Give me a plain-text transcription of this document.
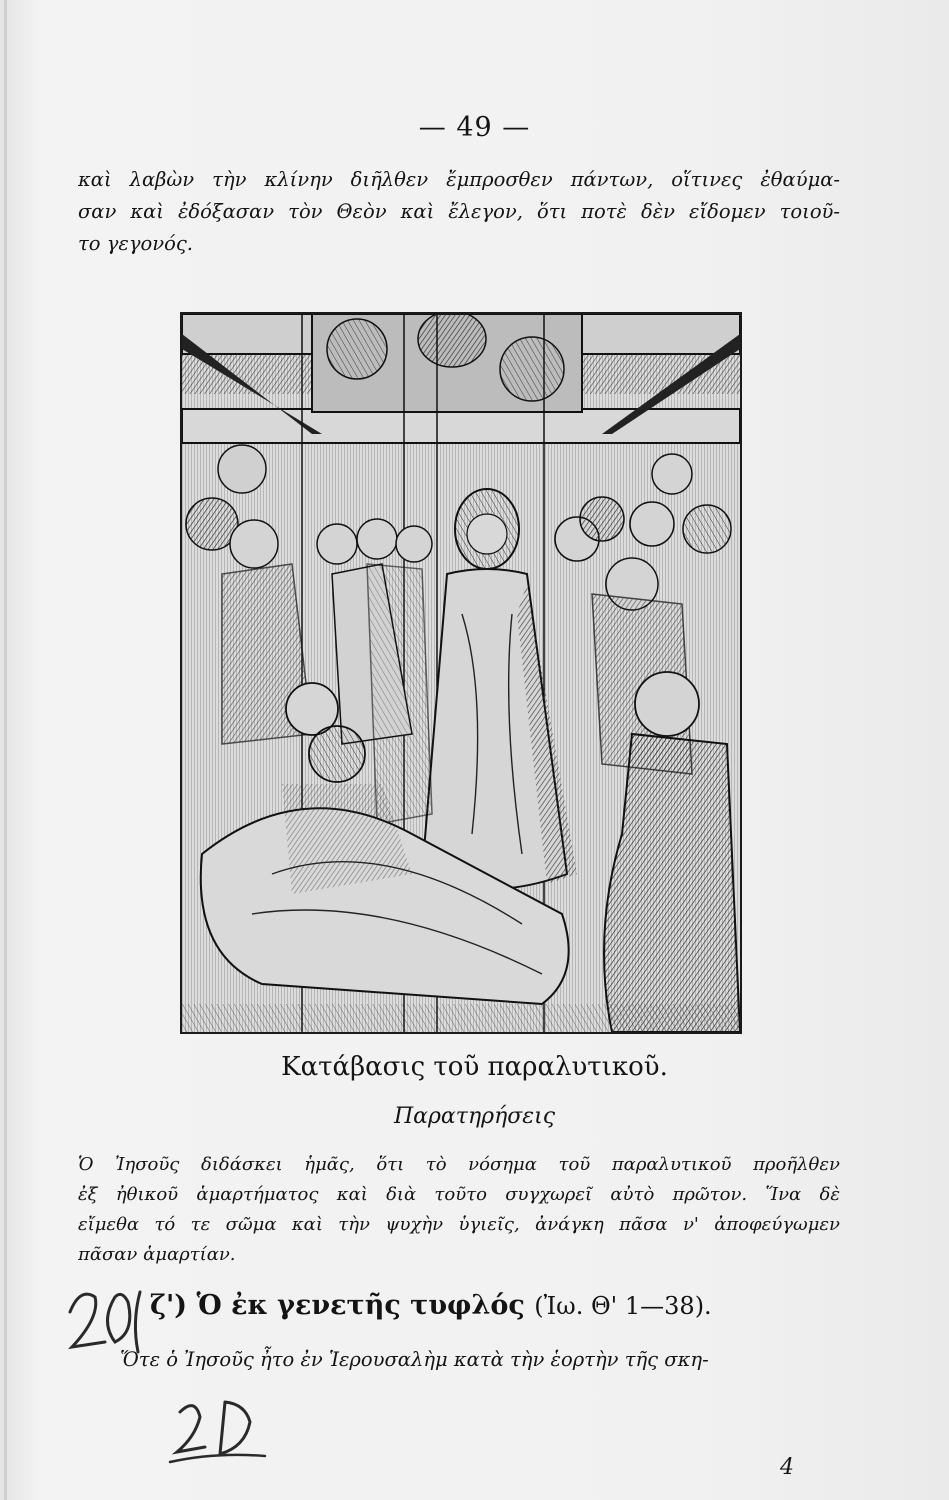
— 49 —

καὶ λαβὼν τὴν κλίνην διῆλθεν ἔμπροσθεν πάντων, οἵτινες ἐθαύμα-
σαν καὶ ἐδόξασαν τὸν Θεὸν καὶ ἔλεγον, ὅτι ποτὲ δὲν εἴδομεν τοιοῦ-
το γεγονός.

Κατάβασις τοῦ παραλυτικοῦ.
Παρατηρήσεις

Ὁ Ἰησοῦς διδάσκει ἡμᾶς, ὅτι τὸ νόσημα τοῦ παραλυτικοῦ προῆλθεν
ἐξ ἠθικοῦ ἁμαρτήματος καὶ διὰ τοῦτο συγχωρεῖ αὐτὸ πρῶτον. Ἵνα δὲ
εἴμεθα τό τε σῶμα καὶ τὴν ψυχὴν ὑγιεῖς, ἀνάγκη πᾶσα ν' ἀποφεύγωμεν
πᾶσαν ἁμαρτίαν.

ζ') Ὁ ἐκ γενετῆς τυφλός (Ἰω. Θ' 1—38).
Ὅτε ὁ Ἰησοῦς ἦτο ἐν Ἱερουσαλὴμ κατὰ τὴν ἑορτὴν τῆς σκη-
4
